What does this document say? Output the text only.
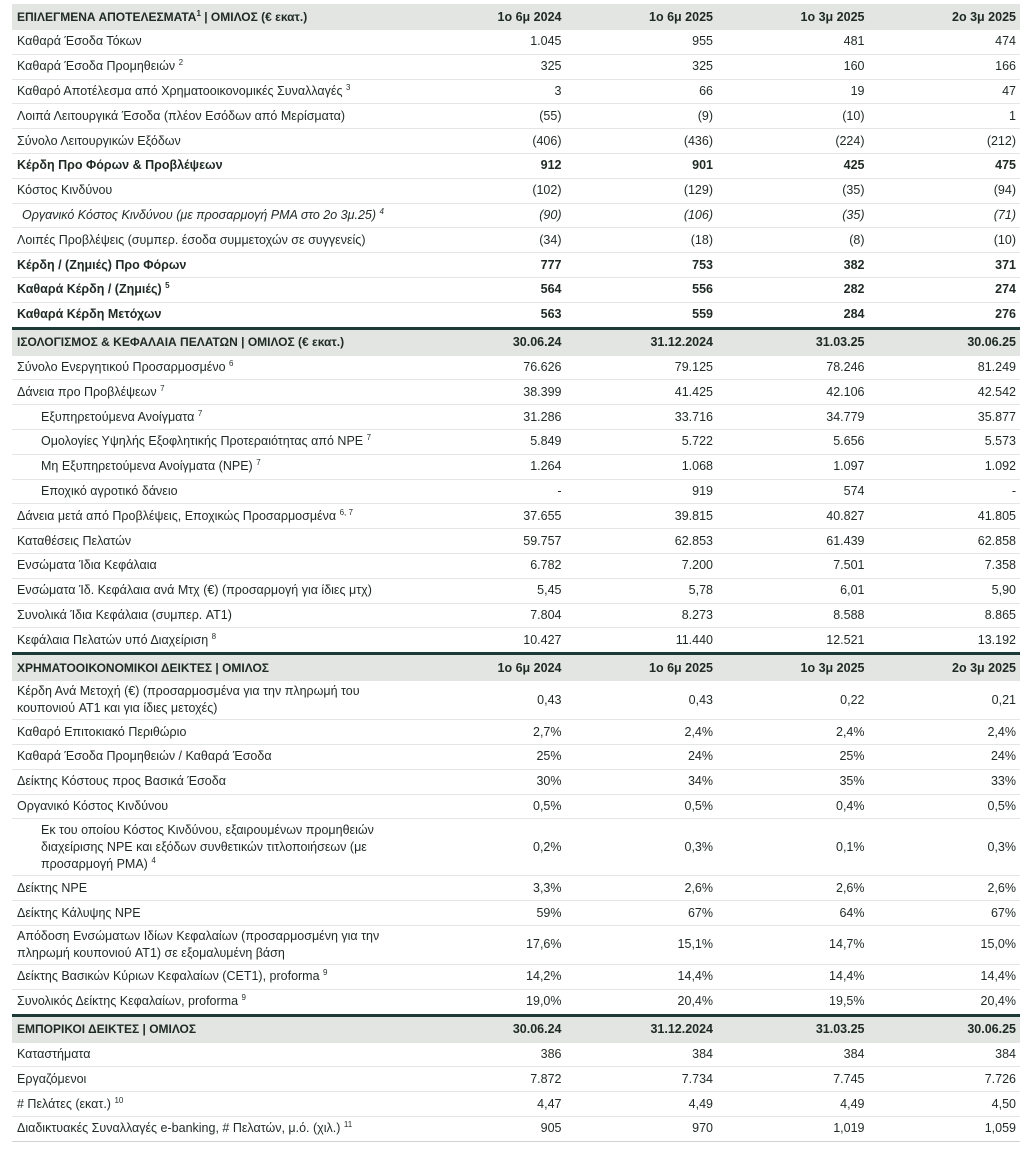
ΕΠΙΛΕΓΜΕΝΑ ΑΠΟΤΕΛΕΣΜΑΤΑ$^1$ | ΟΜΙΛΟΣ (€ εκατ.)	1ο 6μ 2024	1ο 6μ 2025	1ο 3μ 2025	2ο 3μ 2025
Καθαρά Έσοδα Τόκων	1.045	955	481	474
Καθαρά Έσοδα Προμηθειών $^2$	325	325	160	166
Καθαρό Αποτέλεσμα από Χρηματοοικονομικές Συναλλαγές $^3$	3	66	19	47
Λοιπά Λειτουργικά Έσοδα (πλέον Εσόδων από Μερίσματα)	(55)	(9)	(10)	1
Σύνολο Λειτουργικών Εξόδων	(406)	(436)	(224)	(212)
Κέρδη Προ Φόρων & Προβλέψεων	912	901	425	475
Κόστος Κινδύνου	(102)	(129)	(35)	(94)
Οργανικό Κόστος Κινδύνου (με προσαρμογή PMA στο 2ο 3μ.25) $^4$	(90)	(106)	(35)	(71)
Λοιπές Προβλέψεις (συμπερ. έσοδα συμμετοχών σε συγγενείς)	(34)	(18)	(8)	(10)
Κέρδη / (Ζημιές) Προ Φόρων	777	753	382	371
Καθαρά Κέρδη / (Ζημιές) $^5$	564	556	282	274
Καθαρά Κέρδη Μετόχων	563	559	284	276
ΙΣΟΛΟΓΙΣΜΟΣ & ΚΕΦΑΛΑΙΑ ΠΕΛΑΤΩΝ | ΟΜΙΛΟΣ (€ εκατ.)	30.06.24	31.12.2024	31.03.25	30.06.25
Σύνολο Ενεργητικού Προσαρμοσμένο $^6$	76.626	79.125	78.246	81.249
Δάνεια προ Προβλέψεων $^7$	38.399	41.425	42.106	42.542
Εξυπηρετούμενα Ανοίγματα $^7$	31.286	33.716	34.779	35.877
Ομολογίες Υψηλής Εξοφλητικής Προτεραιότητας από NPE $^7$	5.849	5.722	5.656	5.573
Μη Εξυπηρετούμενα Ανοίγματα (NPE) $^7$	1.264	1.068	1.097	1.092
Εποχικό αγροτικό δάνειο	-	919	574	-
Δάνεια μετά από Προβλέψεις, Εποχικώς Προσαρμοσμένα $^{6, 7}$	37.655	39.815	40.827	41.805
Καταθέσεις Πελατών	59.757	62.853	61.439	62.858
Ενσώματα Ίδια Κεφάλαια	6.782	7.200	7.501	7.358
Ενσώματα Ίδ. Κεφάλαια ανά Μτχ (€) (προσαρμογή για ίδιες μτχ)	5,45	5,78	6,01	5,90
Συνολικά Ίδια Κεφάλαια (συμπερ. AT1)	7.804	8.273	8.588	8.865
Κεφάλαια Πελατών υπό Διαχείριση $^8$	10.427	11.440	12.521	13.192
ΧΡΗΜΑΤΟΟΙΚΟΝΟΜΙΚΟΙ ΔΕΙΚΤΕΣ | ΟΜΙΛΟΣ	1ο 6μ 2024	1ο 6μ 2025	1ο 3μ 2025	2ο 3μ 2025
Κέρδη Ανά Μετοχή (€) (προσαρμοσμένα για την πληρωμή του κουπονιού AT1 και για ίδιες μετοχές)	0,43	0,43	0,22	0,21
Καθαρό Επιτοκιακό Περιθώριο	2,7%	2,4%	2,4%	2,4%
Καθαρά Έσοδα Προμηθειών / Καθαρά Έσοδα	25%	24%	25%	24%
Δείκτης Κόστους προς Βασικά Έσοδα	30%	34%	35%	33%
Οργανικό Κόστος Κινδύνου	0,5%	0,5%	0,4%	0,5%
Εκ του οποίου Κόστος Κινδύνου, εξαιρουμένων προμηθειών διαχείρισης NPE και εξόδων συνθετικών τιτλοποιήσεων (με προσαρμογή PMA) $^4$	0,2%	0,3%	0,1%	0,3%
Δείκτης NPE	3,3%	2,6%	2,6%	2,6%
Δείκτης Κάλυψης NPE	59%	67%	64%	67%
Απόδοση Ενσώματων Ιδίων Κεφαλαίων (προσαρμοσμένη για την πληρωμή κουπονιού AT1) σε εξομαλυμένη βάση	17,6%	15,1%	14,7%	15,0%
Δείκτης Βασικών Κύριων Κεφαλαίων (CET1), proforma $^9$	14,2%	14,4%	14,4%	14,4%
Συνολικός Δείκτης Κεφαλαίων, proforma $^9$	19,0%	20,4%	19,5%	20,4%
ΕΜΠΟΡΙΚΟΙ ΔΕΙΚΤΕΣ | ΟΜΙΛΟΣ	30.06.24	31.12.2024	31.03.25	30.06.25
Καταστήματα	386	384	384	384
Εργαζόμενοι	7.872	7.734	7.745	7.726
# Πελάτες (εκατ.) $^{10}$	4,47	4,49	4,49	4,50
Διαδικτυακές Συναλλαγές e-banking, # Πελατών, μ.ό. (χιλ.) $^{11}$	905	970	1,019	1,059
